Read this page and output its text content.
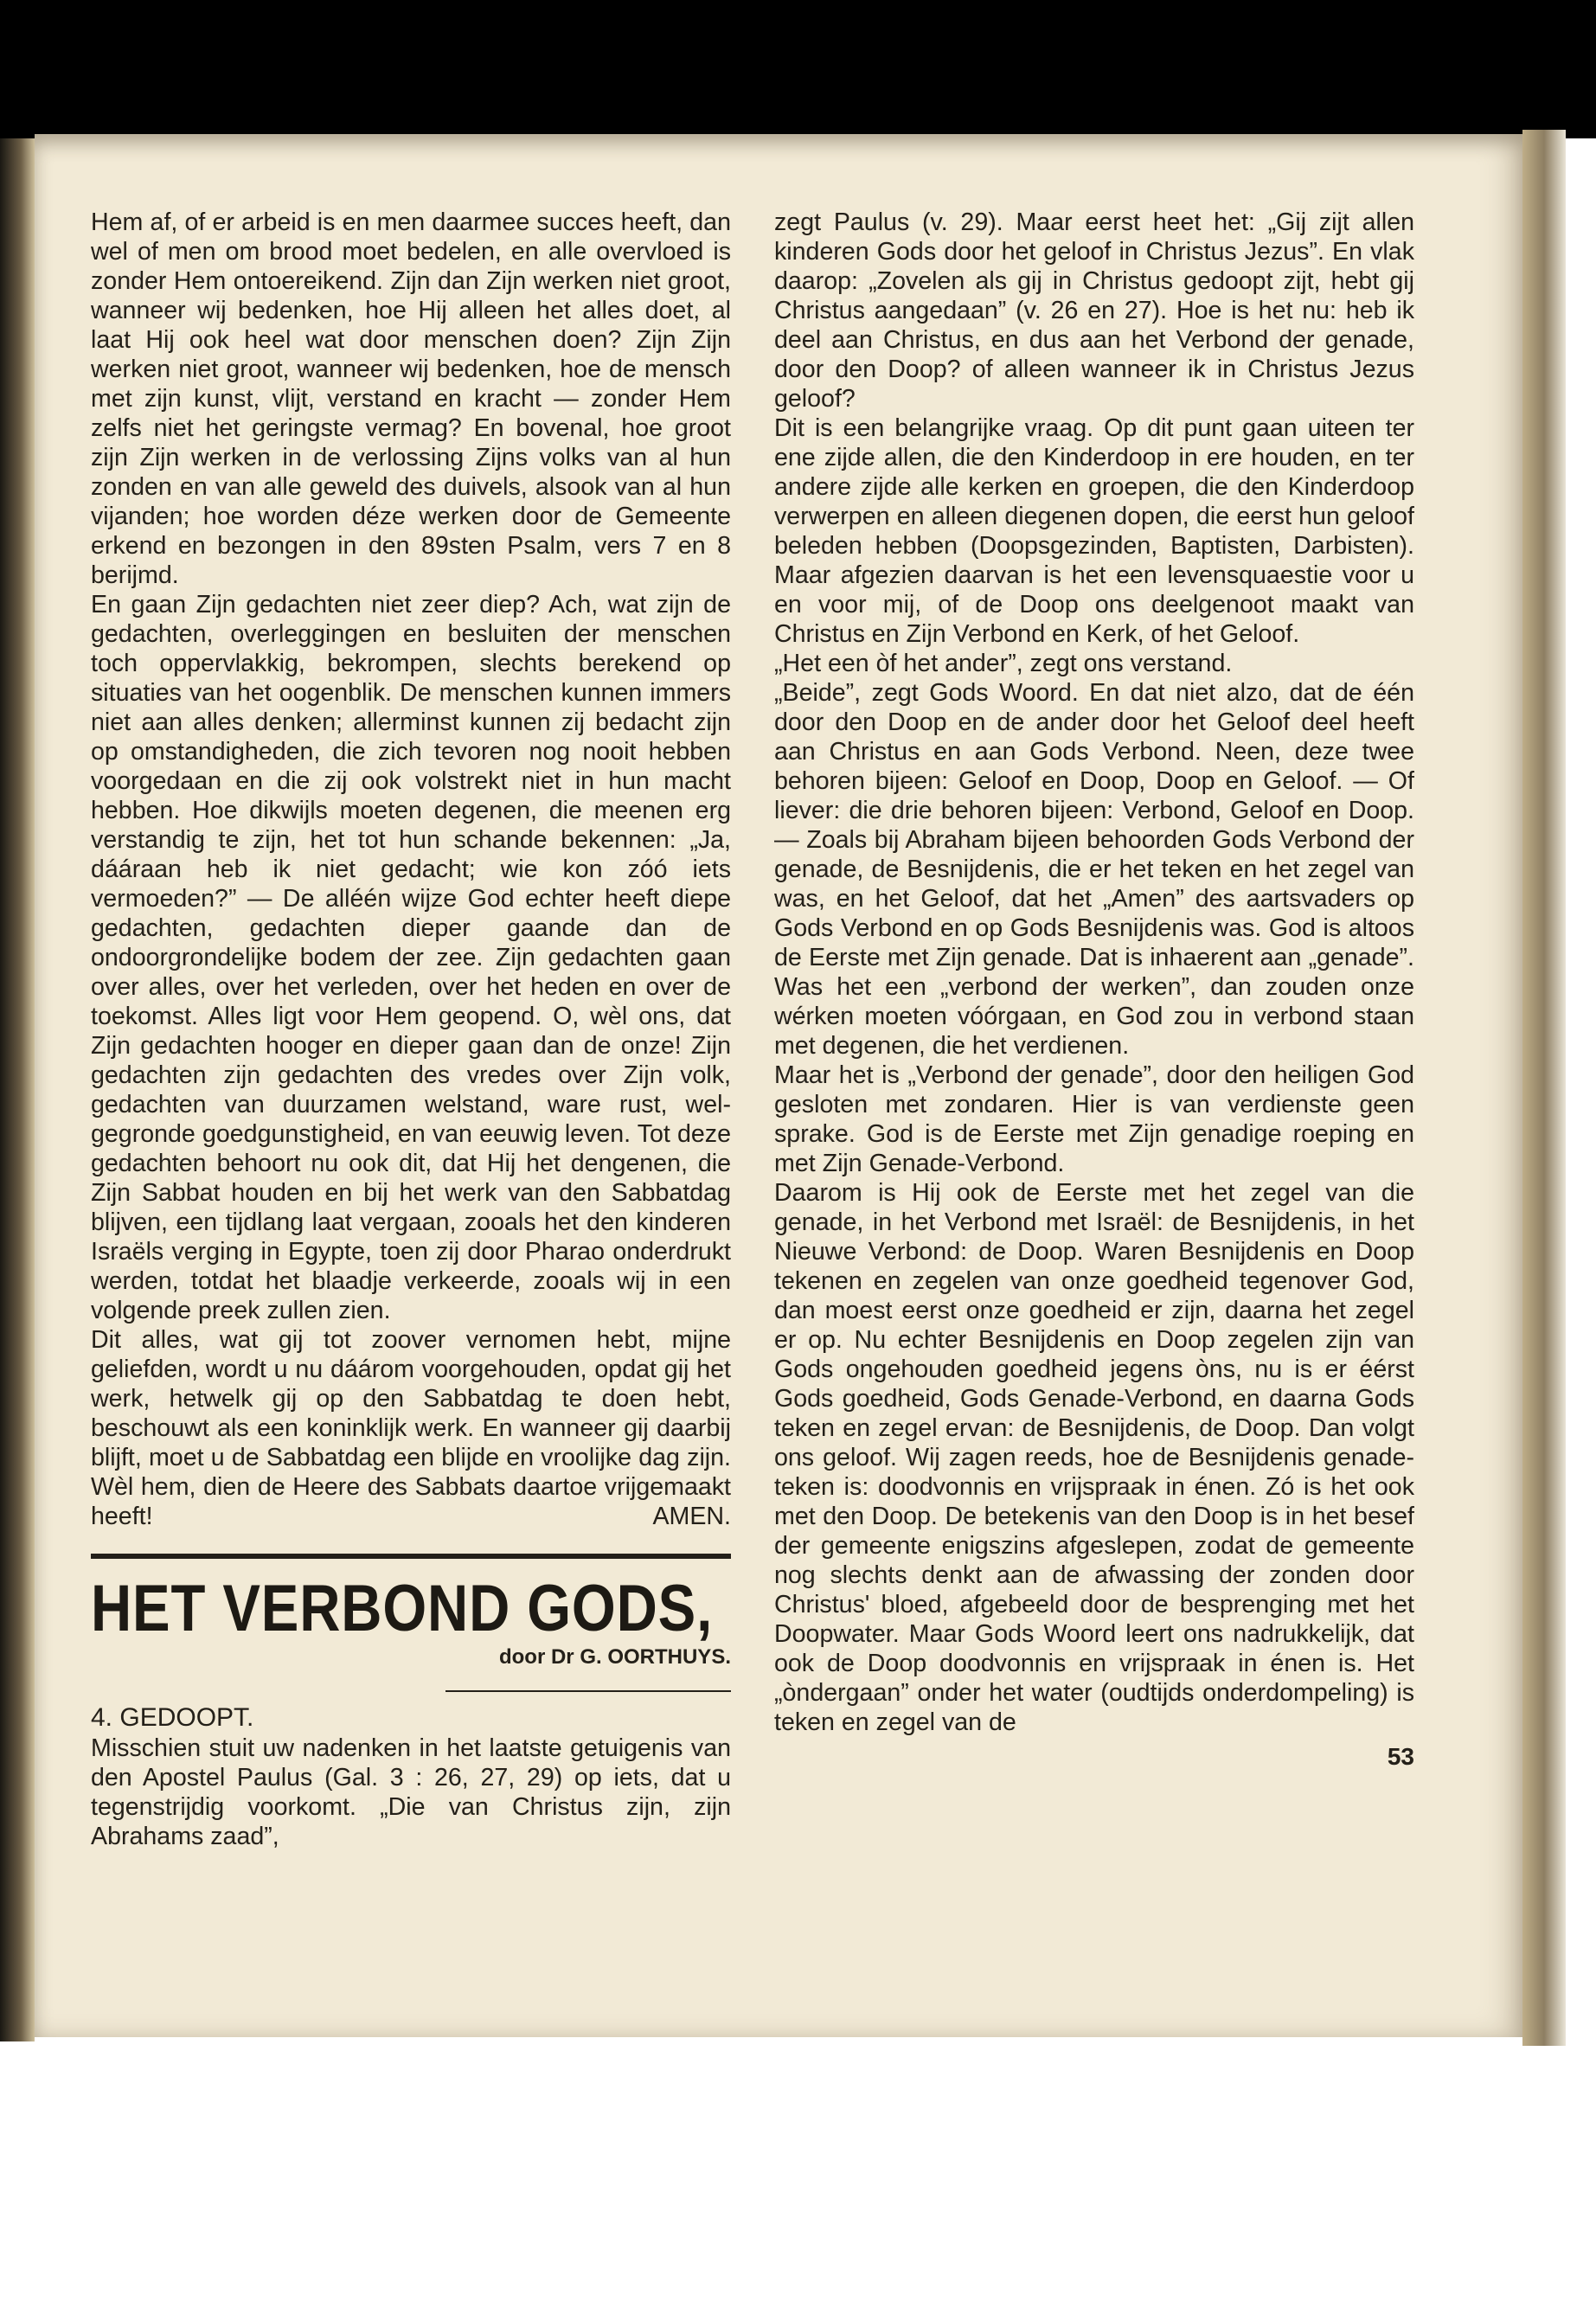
Hem af, of er arbeid is en men daarmee succes heeft, dan wel of men om brood moet bedelen, en alle overvloed is zonder Hem ontoereikend. Zijn dan Zijn werken niet groot, wanneer wij bedenken, hoe Hij alleen het alles doet, al laat Hij ook heel wat door menschen doen? Zijn Zijn werken niet groot, wanneer wij bedenken, hoe de mensch met zijn kunst, vlijt, verstand en kracht — zonder Hem zelfs niet het geringste vermag? En bovenal, hoe groot zijn Zijn werken in de verlossing Zijns volks van al hun zonden en van alle geweld des duivels, alsook van al hun vijanden; hoe worden déze werken door de Gemeente erkend en bezongen in den 89sten Psalm, vers 7 en 8 berijmd.

En gaan Zijn gedachten niet zeer diep? Ach, wat zijn de gedachten, overleggingen en besluiten der menschen toch oppervlakkig, bekrompen, slechts berekend op situaties van het oogenblik. De menschen kunnen immers niet aan alles denken; allerminst kunnen zij bedacht zijn op omstandigheden, die zich tevoren nog nooit hebben voorgedaan en die zij ook volstrekt niet in hun macht hebben. Hoe dikwijls moeten degenen, die meenen erg verstandig te zijn, het tot hun schande bekennen: „Ja, dááraan heb ik niet gedacht; wie kon zóó iets vermoeden?” — De alléén wijze God echter heeft diepe gedachten, gedachten dieper gaande dan de ondoorgrondelijke bodem der zee. Zijn gedachten gaan over alles, over het verleden, over het heden en over de toekomst. Alles ligt voor Hem geopend. O, wèl ons, dat Zijn gedachten hooger en dieper gaan dan de onze! Zijn gedachten zijn gedachten des vredes over Zijn volk, gedachten van duurzamen welstand, ware rust, wel-gegronde goedgunstigheid, en van eeuwig leven. Tot deze gedachten behoort nu ook dit, dat Hij het dengenen, die Zijn Sabbat houden en bij het werk van den Sabbatdag blijven, een tijdlang laat vergaan, zooals het den kinderen Israëls verging in Egypte, toen zij door Pharao onderdrukt werden, totdat het blaadje verkeerde, zooals wij in een volgende preek zullen zien.

Dit alles, wat gij tot zoover vernomen hebt, mijne geliefden, wordt u nu dáárom voorgehouden, opdat gij het werk, hetwelk gij op den Sabbatdag te doen hebt, beschouwt als een koninklijk werk. En wanneer gij daarbij blijft, moet u de Sabbatdag een blijde en vroolijke dag zijn. Wèl hem, dien de Heere des Sabbats daartoe vrijgemaakt heeft!	AMEN.

HET VERBOND GODS,
door Dr G. OORTHUYS.
4. GEDOOPT.

Misschien stuit uw nadenken in het laatste getuigenis van den Apostel Paulus (Gal. 3 : 26, 27, 29) op iets, dat u tegenstrijdig voorkomt. „Die van Christus zijn, zijn Abrahams zaad”,

zegt Paulus (v. 29). Maar eerst heet het: „Gij zijt allen kinderen Gods door het geloof in Christus Jezus”. En vlak daarop: „Zovelen als gij in Christus gedoopt zijt, hebt gij Christus aangedaan” (v. 26 en 27). Hoe is het nu: heb ik deel aan Christus, en dus aan het Verbond der genade, door den Doop? of alleen wanneer ik in Christus Jezus geloof?

Dit is een belangrijke vraag. Op dit punt gaan uiteen ter ene zijde allen, die den Kinderdoop in ere houden, en ter andere zijde alle kerken en groepen, die den Kinderdoop verwerpen en alleen diegenen dopen, die eerst hun geloof beleden hebben (Doopsgezinden, Baptisten, Darbisten). Maar afgezien daarvan is het een levensquaestie voor u en voor mij, of de Doop ons deelgenoot maakt van Christus en Zijn Verbond en Kerk, of het Geloof.

„Het een òf het ander”, zegt ons verstand.

„Beide”, zegt Gods Woord. En dat niet alzo, dat de één door den Doop en de ander door het Geloof deel heeft aan Christus en aan Gods Verbond. Neen, deze twee behoren bijeen: Geloof en Doop, Doop en Geloof. — Of liever: die drie behoren bijeen: Verbond, Geloof en Doop. — Zoals bij Abraham bijeen behoorden Gods Verbond der genade, de Besnijdenis, die er het teken en het zegel van was, en het Geloof, dat het „Amen” des aartsvaders op Gods Verbond en op Gods Besnijdenis was. God is altoos de Eerste met Zijn genade. Dat is inhaerent aan „genade”. Was het een „verbond der werken”, dan zouden onze wérken moeten vóórgaan, en God zou in verbond staan met degenen, die het verdienen.

Maar het is „Verbond der genade”, door den heiligen God gesloten met zondaren. Hier is van verdienste geen sprake. God is de Eerste met Zijn genadige roeping en met Zijn Genade-Verbond.

Daarom is Hij ook de Eerste met het zegel van die genade, in het Verbond met Israël: de Besnijdenis, in het Nieuwe Verbond: de Doop. Waren Besnijdenis en Doop tekenen en zegelen van onze goedheid tegenover God, dan moest eerst onze goedheid er zijn, daarna het zegel er op. Nu echter Besnijdenis en Doop zegelen zijn van Gods ongehouden goedheid jegens òns, nu is er éérst Gods goedheid, Gods Genade-Verbond, en daarna Gods teken en zegel ervan: de Besnijdenis, de Doop. Dan volgt ons geloof. Wij zagen reeds, hoe de Besnijdenis genade-teken is: doodvonnis en vrijspraak in énen. Zó is het ook met den Doop. De betekenis van den Doop is in het besef der gemeente enigszins afgeslepen, zodat de gemeente nog slechts denkt aan de afwassing der zonden door Christus' bloed, afgebeeld door de besprenging met het Doopwater. Maar Gods Woord leert ons nadrukkelijk, dat ook de Doop doodvonnis en vrijspraak in énen is. Het „òndergaan” onder het water (oudtijds onderdompeling) is teken en zegel van de

53
